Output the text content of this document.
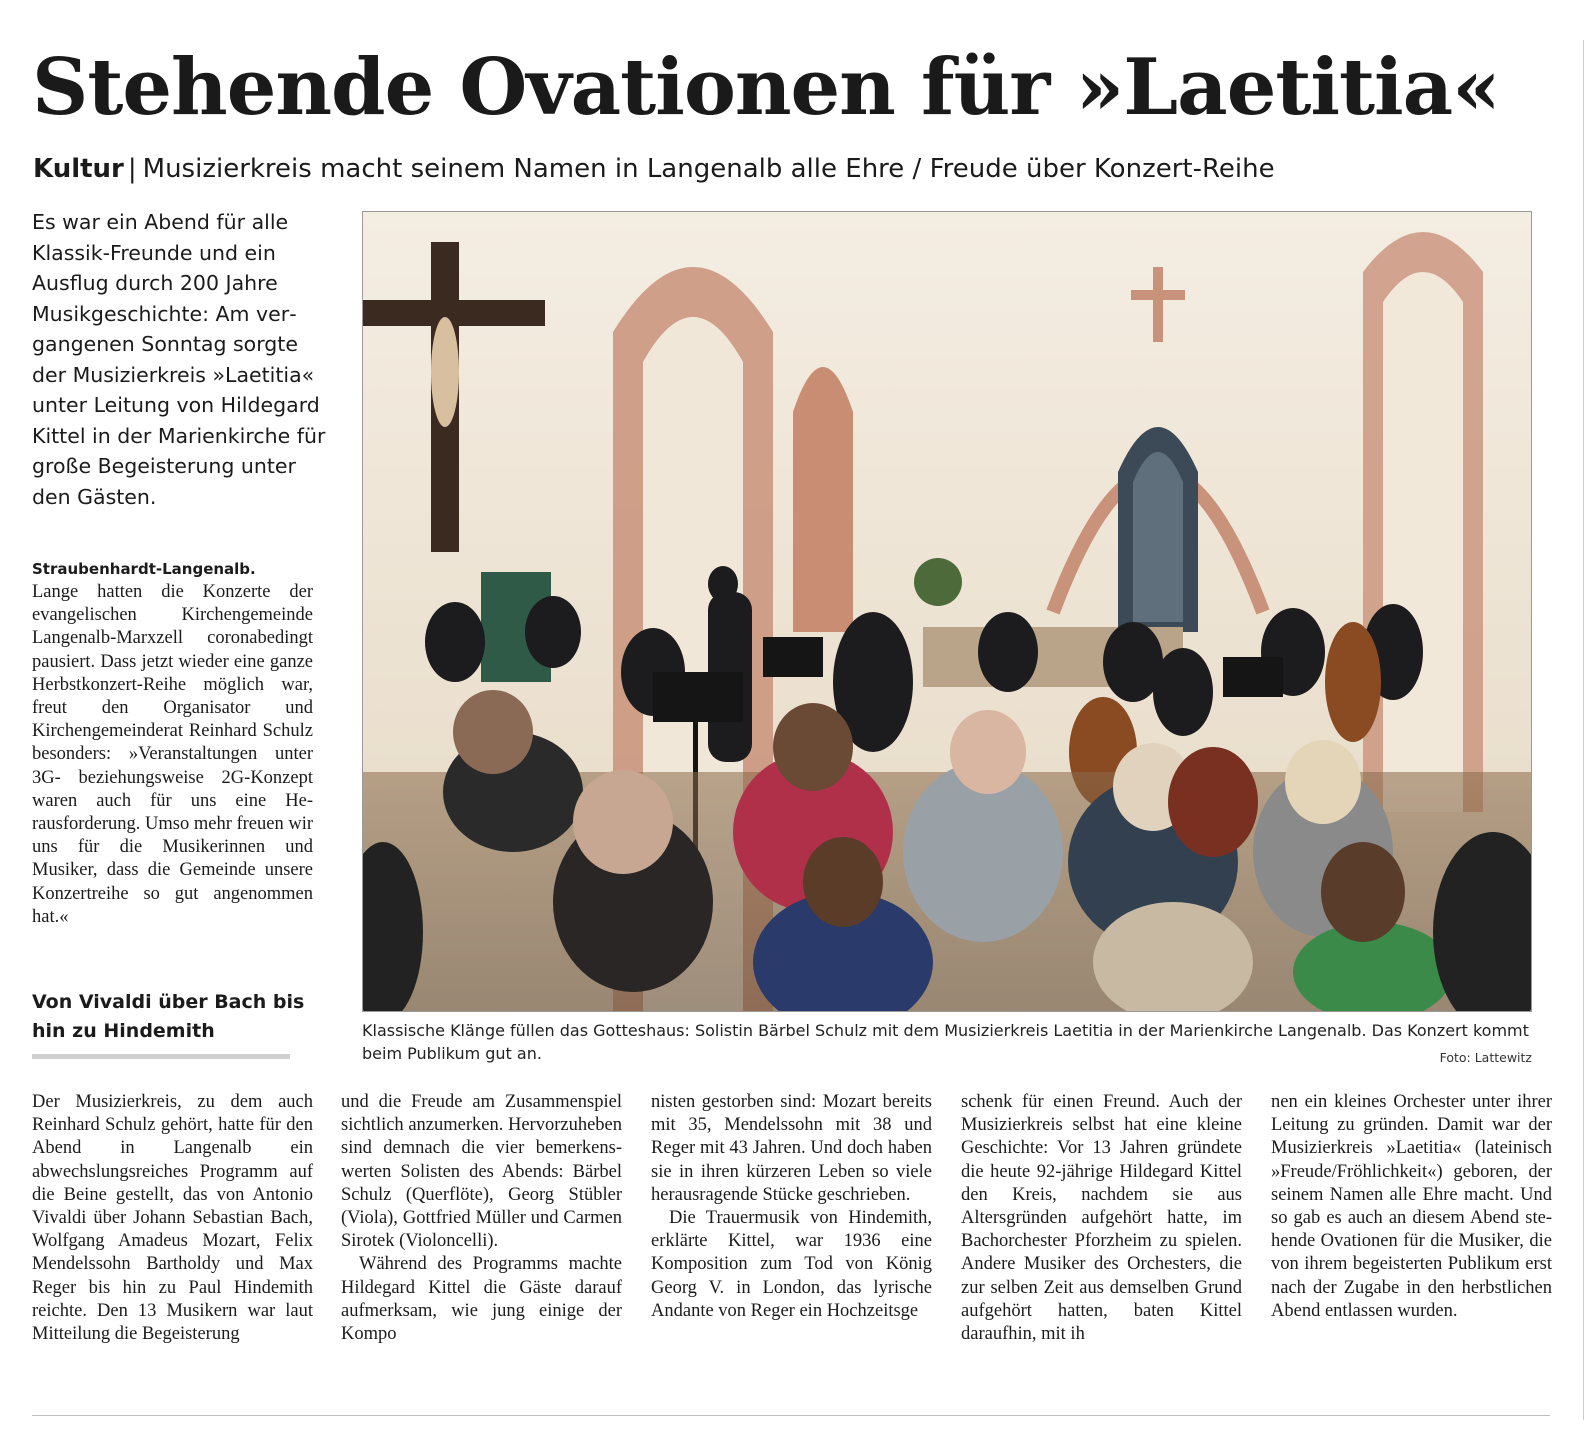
Stehende Ovationen für »Laetitia«
Kultur | Musizierkreis macht seinem Namen in Langenalb alle Ehre / Freude über Konzert-Reihe

Es war ein Abend für alle Klassik-Freunde und ein Ausflug durch 200 Jahre Musikgeschichte: Am vergangenen Sonntag sorgte der Musizierkreis »Laetitia« unter Leitung von Hildegard Kittel in der Marienkirche für große Begeisterung unter den Gästen.

Straubenhardt-Langenalb.

Lange hatten die Konzerte der evangelischen Kirchengemeinde Langenalb-Marxzell coronabedingt pausiert. Dass jetzt wieder eine ganze Herbstkonzert-Reihe möglich war, freut den Organisator und Kirchengemeinderat Reinhard Schulz besonders: »Veranstaltungen unter 3G- beziehungsweise 2G-Konzept waren auch für uns eine Herausforderung. Umso mehr freuen wir uns für die Musikerinnen und Musiker, dass die Gemeinde unsere Konzertreihe so gut angenommen hat.«

Von Vivaldi über Bach bis hin zu Hindemith	Klassische Klänge füllen das Gotteshaus: Solistin Bärbel Schulz mit dem Musizierkreis Laetitia in der Marienkirche Langenalb. Das Konzert kommt beim Publikum gut an.	Foto: Lattewitz

Der Musizierkreis, zu dem auch Reinhard Schulz gehört, hatte für den Abend in Langenalb ein abwechslungsreiches Programm auf die Beine gestellt, das von Antonio Vivaldi über Johann Sebastian Bach, Wolfgang Amadeus Mozart, Felix Mendelssohn Bartholdy und Max Reger bis hin zu Paul Hindemith reichte. Den 13 Musikern war laut Mitteilung die Begeisterung

und die Freude am Zusammenspiel sichtlich anzumerken. Hervorzuheben sind demnach die vier bemerkenswerten Solisten des Abends: Bärbel Schulz (Querflöte), Georg Stübler (Viola), Gottfried Müller und Carmen Sirotek (Violoncelli).

Während des Programms machte Hildegard Kittel die Gäste darauf aufmerksam, wie jung einige der Kompo

nisten gestorben sind: Mozart bereits mit 35, Mendelssohn mit 38 und Reger mit 43 Jahren. Und doch haben sie in ihren kürzeren Leben so viele herausragende Stücke geschrieben.

Die Trauermusik von Hindemith, erklärte Kittel, war 1936 eine Komposition zum Tod von König Georg V. in London, das lyrische Andante von Reger ein Hochzeitsge

schenk für einen Freund. Auch der Musizierkreis selbst hat eine kleine Geschichte: Vor 13 Jahren gründete die heute 92-jährige Hildegard Kittel den Kreis, nachdem sie aus Altersgründen aufgehört hatte, im Bachorchester Pforzheim zu spielen. Andere Musiker des Orchesters, die zur selben Zeit aus demselben Grund aufgehört hatten, baten Kittel daraufhin, mit ih

nen ein kleines Orchester unter ihrer Leitung zu gründen. Damit war der Musizierkreis »Laetitia« (lateinisch »Freude/Fröhlichkeit«) geboren, der seinem Namen alle Ehre macht. Und so gab es auch an diesem Abend stehende Ovationen für die Musiker, die von ihrem begeisterten Publikum erst nach der Zugabe in den herbstlichen Abend entlassen wurden.
